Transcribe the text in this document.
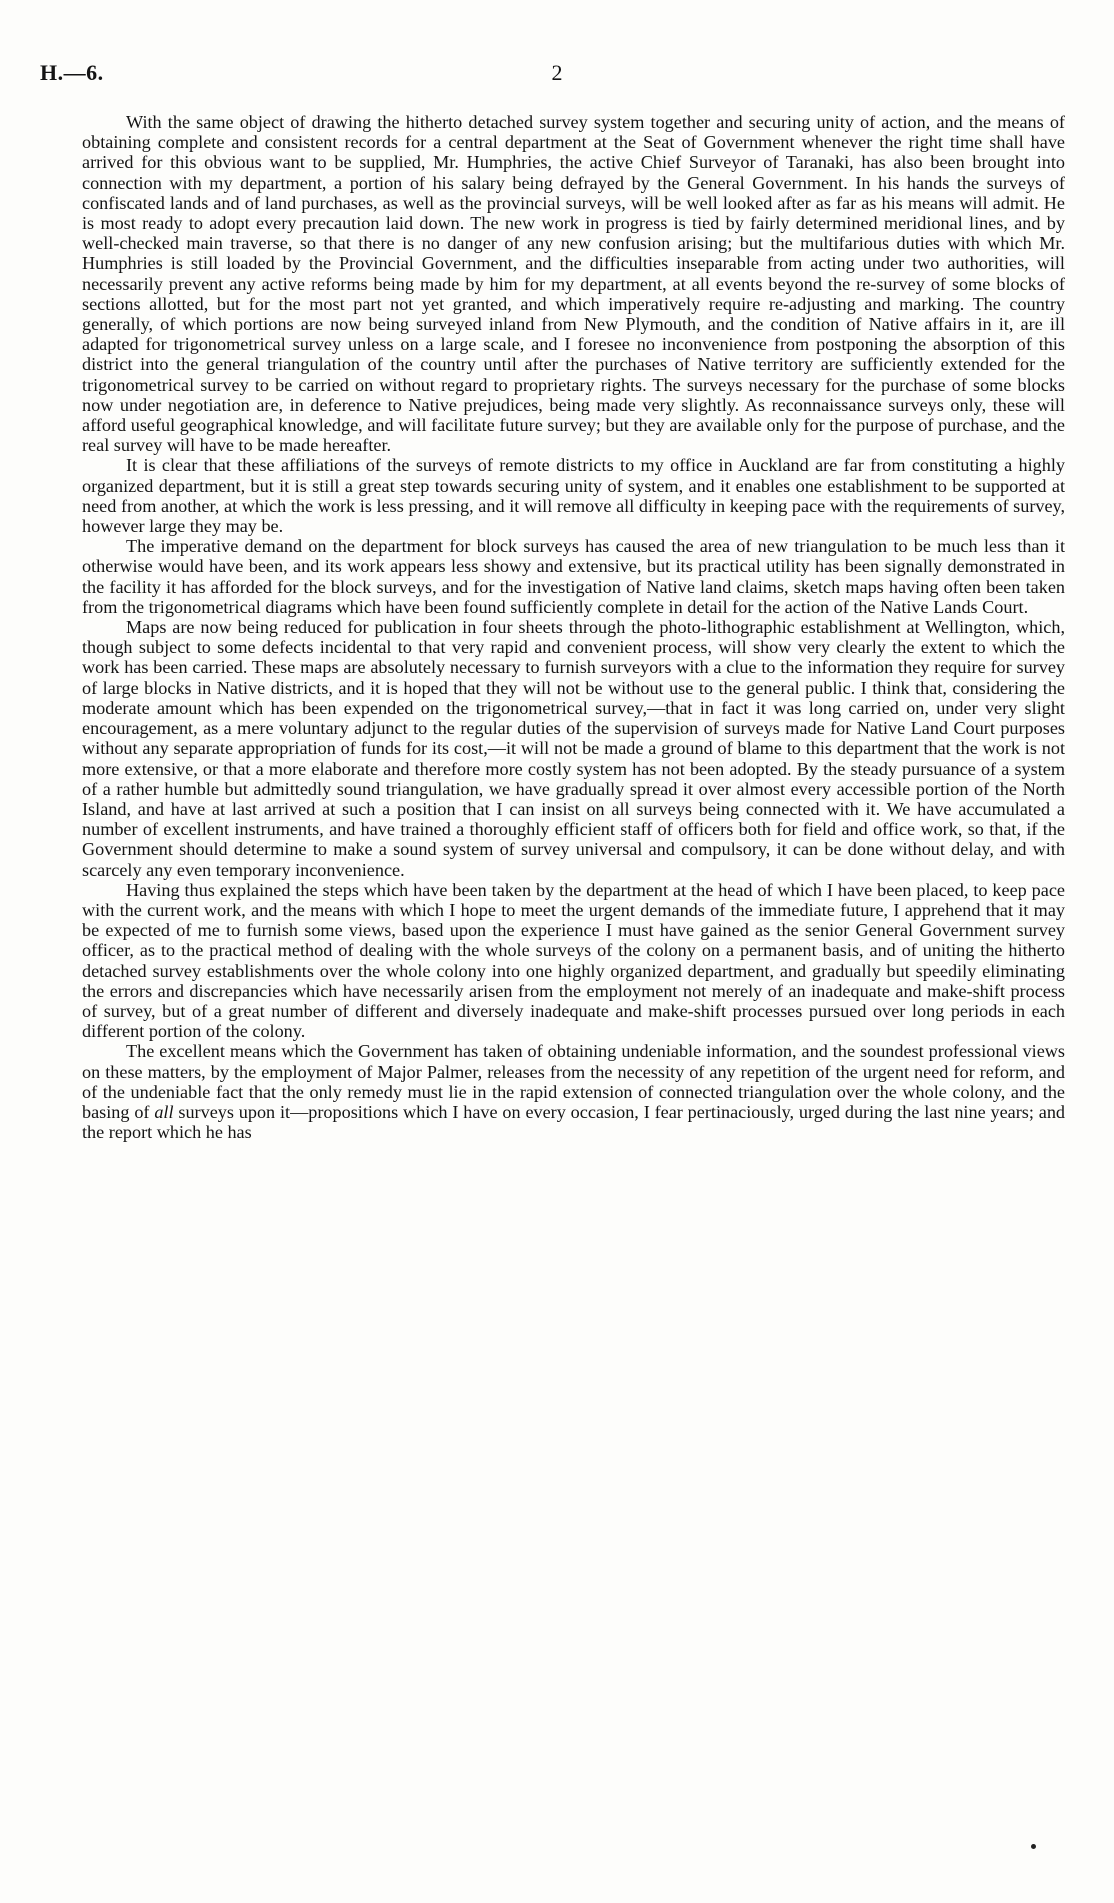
H.—6.	2

With the same object of drawing the hitherto detached survey system together and securing unity of action, and the means of obtaining complete and consistent records for a central department at the Seat of Government whenever the right time shall have arrived for this obvious want to be supplied, Mr. Humphries, the active Chief Surveyor of Taranaki, has also been brought into connection with my department, a portion of his salary being defrayed by the General Government. In his hands the surveys of confiscated lands and of land purchases, as well as the provincial surveys, will be well looked after as far as his means will admit. He is most ready to adopt every precaution laid down. The new work in progress is tied by fairly determined meridional lines, and by well-checked main traverse, so that there is no danger of any new confusion arising; but the multifarious duties with which Mr. Humphries is still loaded by the Provincial Government, and the difficulties inseparable from acting under two authorities, will necessarily prevent any active reforms being made by him for my department, at all events beyond the re-survey of some blocks of sections allotted, but for the most part not yet granted, and which imperatively require re-adjusting and marking. The country generally, of which portions are now being surveyed inland from New Plymouth, and the condition of Native affairs in it, are ill adapted for trigonometrical survey unless on a large scale, and I foresee no inconvenience from postponing the absorption of this district into the general triangulation of the country until after the purchases of Native territory are sufficiently extended for the trigonometrical survey to be carried on without regard to proprietary rights. The surveys necessary for the purchase of some blocks now under negotiation are, in deference to Native prejudices, being made very slightly. As reconnaissance surveys only, these will afford useful geographical knowledge, and will facilitate future survey; but they are available only for the purpose of purchase, and the real survey will have to be made hereafter.

It is clear that these affiliations of the surveys of remote districts to my office in Auckland are far from constituting a highly organized department, but it is still a great step towards securing unity of system, and it enables one establishment to be supported at need from another, at which the work is less pressing, and it will remove all difficulty in keeping pace with the requirements of survey, however large they may be.

The imperative demand on the department for block surveys has caused the area of new triangulation to be much less than it otherwise would have been, and its work appears less showy and extensive, but its practical utility has been signally demonstrated in the facility it has afforded for the block surveys, and for the investigation of Native land claims, sketch maps having often been taken from the trigonometrical diagrams which have been found sufficiently complete in detail for the action of the Native Lands Court.

Maps are now being reduced for publication in four sheets through the photo-lithographic establishment at Wellington, which, though subject to some defects incidental to that very rapid and convenient process, will show very clearly the extent to which the work has been carried. These maps are absolutely necessary to furnish surveyors with a clue to the information they require for survey of large blocks in Native districts, and it is hoped that they will not be without use to the general public. I think that, considering the moderate amount which has been expended on the trigonometrical survey,—that in fact it was long carried on, under very slight encouragement, as a mere voluntary adjunct to the regular duties of the supervision of surveys made for Native Land Court purposes without any separate appropriation of funds for its cost,—it will not be made a ground of blame to this department that the work is not more extensive, or that a more elaborate and therefore more costly system has not been adopted. By the steady pursuance of a system of a rather humble but admittedly sound triangulation, we have gradually spread it over almost every accessible portion of the North Island, and have at last arrived at such a position that I can insist on all surveys being connected with it. We have accumulated a number of excellent instruments, and have trained a thoroughly efficient staff of officers both for field and office work, so that, if the Government should determine to make a sound system of survey universal and compulsory, it can be done without delay, and with scarcely any even temporary inconvenience.

Having thus explained the steps which have been taken by the department at the head of which I have been placed, to keep pace with the current work, and the means with which I hope to meet the urgent demands of the immediate future, I apprehend that it may be expected of me to furnish some views, based upon the experience I must have gained as the senior General Government survey officer, as to the practical method of dealing with the whole surveys of the colony on a permanent basis, and of uniting the hitherto detached survey establishments over the whole colony into one highly organized department, and gradually but speedily eliminating the errors and discrepancies which have necessarily arisen from the employment not merely of an inadequate and make-shift process of survey, but of a great number of different and diversely inadequate and make-shift processes pursued over long periods in each different portion of the colony.

The excellent means which the Government has taken of obtaining undeniable information, and the soundest professional views on these matters, by the employment of Major Palmer, releases from the necessity of any repetition of the urgent need for reform, and of the undeniable fact that the only remedy must lie in the rapid extension of connected triangulation over the whole colony, and the basing of all surveys upon it—propositions which I have on every occasion, I fear pertinaciously, urged during the last nine years; and the report which he has
